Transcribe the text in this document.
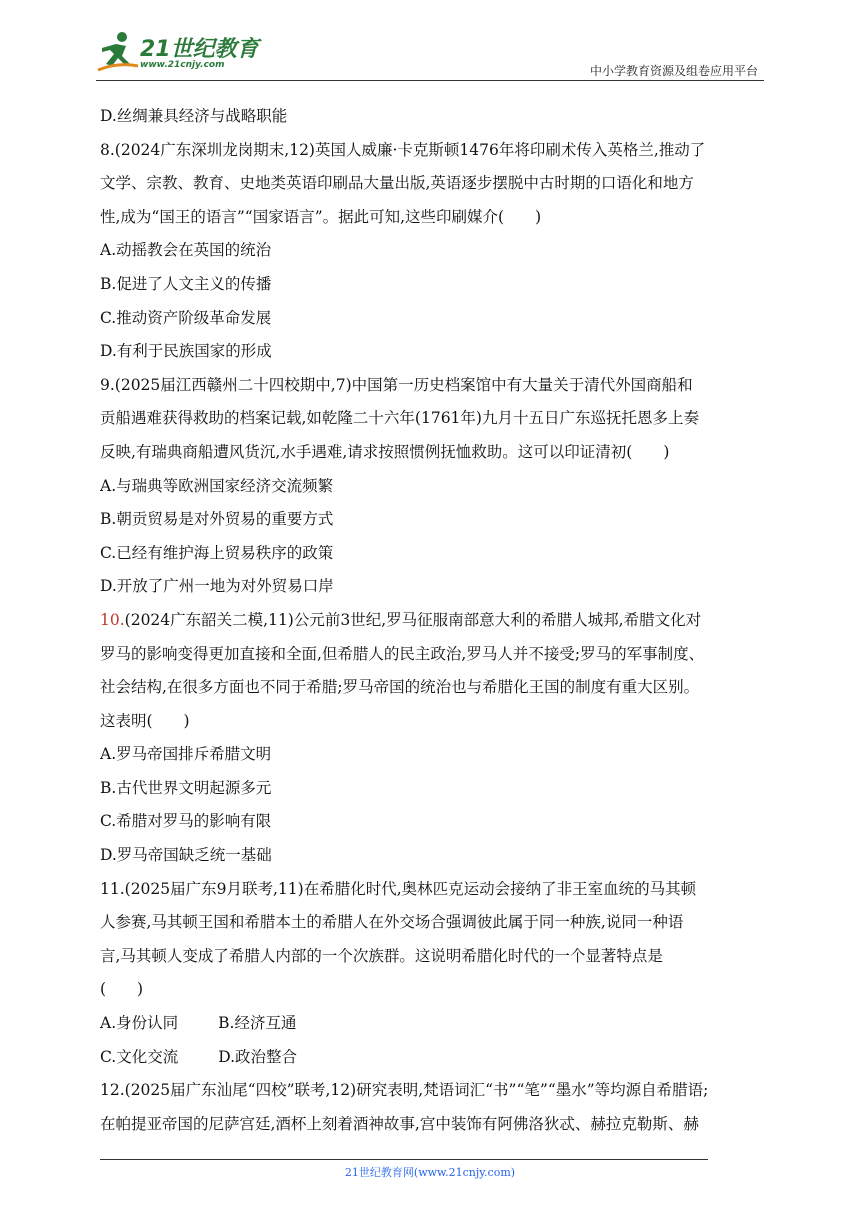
21世纪教育
www.21cnjy.com	中小学教育资源及组卷应用平台
D.丝绸兼具经济与战略职能
8.(2024广东深圳龙岗期末,12)英国人威廉·卡克斯顿1476年将印刷术传入英格兰,推动了
文学、宗教、教育、史地类英语印刷品大量出版,英语逐步摆脱中古时期的口语化和地方
性,成为“国王的语言”“国家语言”。据此可知,这些印刷媒介(　　)
A.动摇教会在英国的统治
B.促进了人文主义的传播
C.推动资产阶级革命发展
D.有利于民族国家的形成
9.(2025届江西赣州二十四校期中,7)中国第一历史档案馆中有大量关于清代外国商船和
贡船遇难获得救助的档案记载,如乾隆二十六年(1761年)九月十五日广东巡抚托恩多上奏
反映,有瑞典商船遭风货沉,水手遇难,请求按照惯例抚恤救助。这可以印证清初(　　)
A.与瑞典等欧洲国家经济交流频繁
B.朝贡贸易是对外贸易的重要方式
C.已经有维护海上贸易秩序的政策
D.开放了广州一地为对外贸易口岸
10.(2024广东韶关二模,11)公元前3世纪,罗马征服南部意大利的希腊人城邦,希腊文化对
罗马的影响变得更加直接和全面,但希腊人的民主政治,罗马人并不接受;罗马的军事制度、
社会结构,在很多方面也不同于希腊;罗马帝国的统治也与希腊化王国的制度有重大区别。
这表明(　　)
A.罗马帝国排斥希腊文明
B.古代世界文明起源多元
C.希腊对罗马的影响有限
D.罗马帝国缺乏统一基础
11.(2025届广东9月联考,11)在希腊化时代,奥林匹克运动会接纳了非王室血统的马其顿
人参赛,马其顿王国和希腊本土的希腊人在外交场合强调彼此属于同一种族,说同一种语
言,马其顿人变成了希腊人内部的一个次族群。这说明希腊化时代的一个显著特点是
(　　)
A.身份认同	B.经济互通
C.文化交流	D.政治整合
12.(2025届广东汕尾“四校”联考,12)研究表明,梵语词汇“书”“笔”“墨水”等均源自希腊语;
在帕提亚帝国的尼萨宫廷,酒杯上刻着酒神故事,宫中装饰有阿佛洛狄忒、赫拉克勒斯、赫
21世纪教育网(www.21cnjy.com)
